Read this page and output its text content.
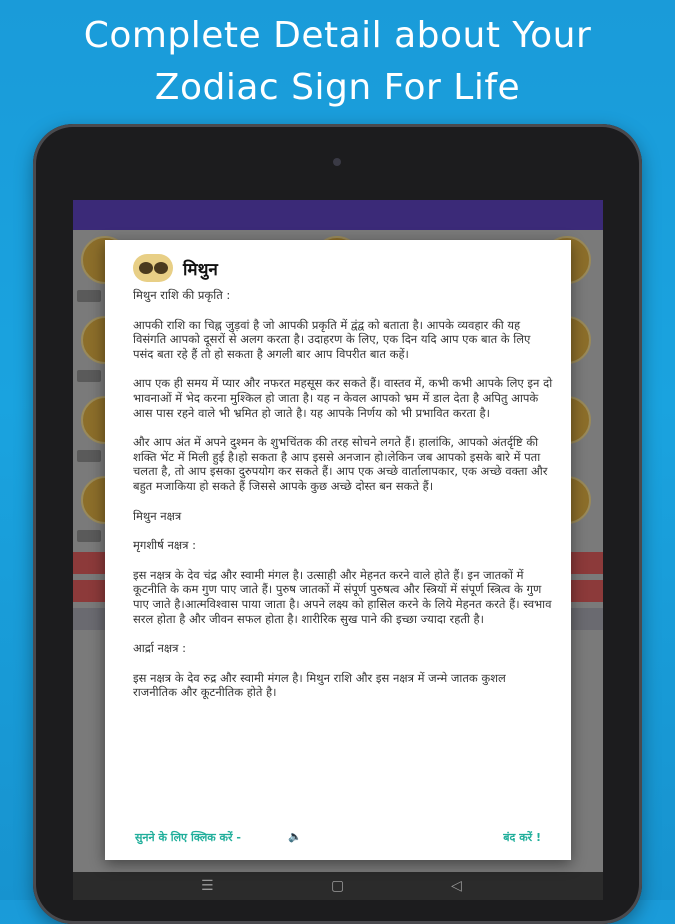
Complete Detail about Your
Zodiac Sign For Life
☰	▢	◁
मिथुन

मिथुन राशि की प्रकृति :

आपकी राशि का चिह्न जुड़वां है जो आपकी प्रकृति में द्वंद्व को बताता है। आपके व्यवहार की यह विसंगति आपको दूसरों से अलग करता है। उदाहरण के लिए, एक दिन यदि आप एक बात के लिए पसंद बता रहे हैं तो हो सकता है अगली बार आप विपरीत बात कहें।

आप एक ही समय में प्यार और नफरत महसूस कर सकते हैं। वास्तव में, कभी कभी आपके लिए इन दो भावनाओं में भेद करना मुश्किल हो जाता है। यह न केवल आपको भ्रम में डाल देता है अपितु आपके आस पास रहने वाले भी भ्रमित हो जाते है। यह आपके निर्णय को भी प्रभावित करता है।

और आप अंत में अपने दुश्मन के शुभचिंतक की तरह सोचने लगते हैं। हालांकि, आपको अंतर्दृष्टि की शक्ति भेंट में मिली हुई है।हो सकता है आप इससे अनजान हो।लेकिन जब आपको इसके बारे में पता चलता है, तो आप इसका दुरुपयोग कर सकते हैं। आप एक अच्छे वार्तालापकार, एक अच्छे वक्ता और बहुत मजाकिया हो सकते हैं जिससे आपके कुछ अच्छे दोस्त बन सकते हैं।

मिथुन नक्षत्र

मृगशीर्ष नक्षत्र :

इस नक्षत्र के देव चंद्र और स्वामी मंगल है। उत्साही और मेहनत करने वाले होते हैं। इन जातकों में कूटनीति के कम गुण पाए जाते हैं। पुरुष जातकों में संपूर्ण पुरुषत्व और स्त्रियों में संपूर्ण स्त्रित्व के गुण पाए जाते है।आत्मविश्वास पाया जाता है। अपने लक्ष्य को हासिल करने के लिये मेहनत करते हैं। स्वभाव सरल होता है और जीवन सफल होता है। शारीरिक सुख पाने की इच्छा ज्यादा रहती है।

आर्द्रा नक्षत्र :

इस नक्षत्र के देव रुद्र और स्वामी मंगल है। मिथुन राशि और इस नक्षत्र में जन्मे जातक कुशल राजनीतिक और कूटनीतिक होते है।

सुनने के लिए क्लिक करें -	🔈	बंद करें !
